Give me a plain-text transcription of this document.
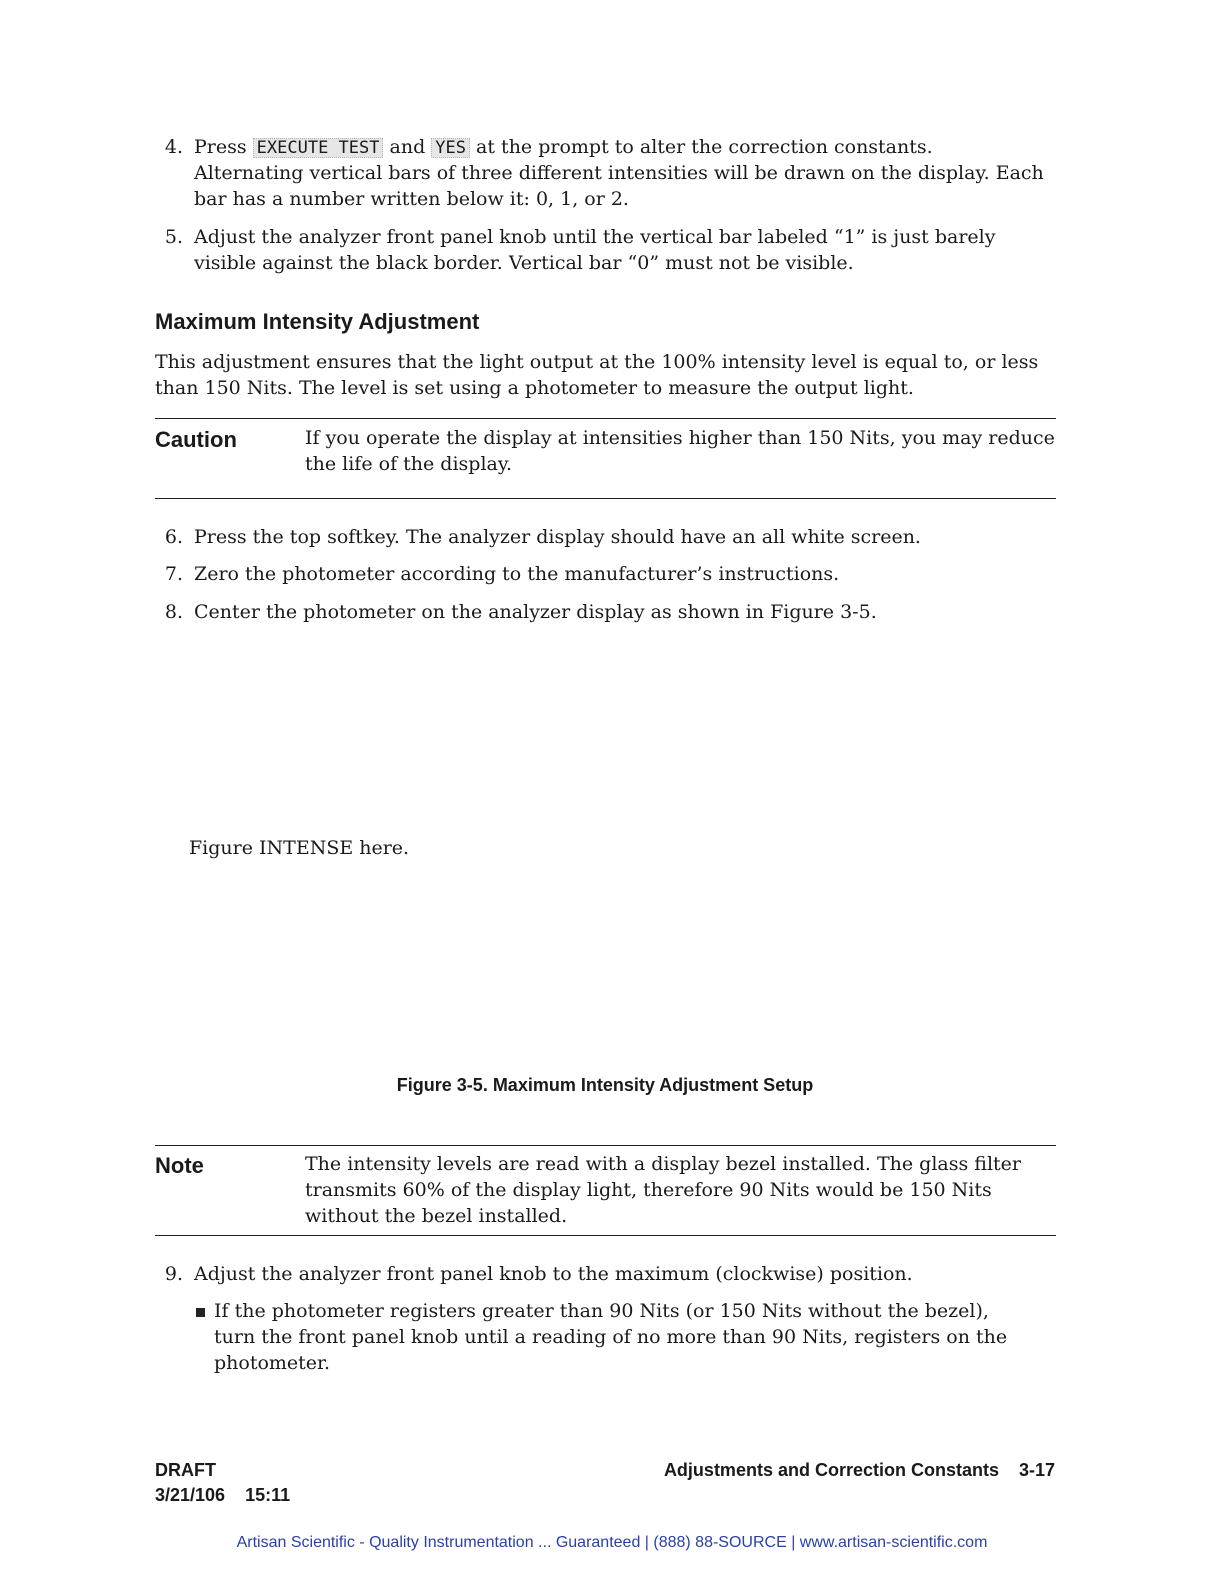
4. Press EXECUTE TEST and YES at the prompt to alter the correction constants.
Alternating vertical bars of three different intensities will be drawn on the display. Each
bar has a number written below it: 0, 1, or 2.
5. Adjust the analyzer front panel knob until the vertical bar labeled “1” is just barely
visible against the black border. Vertical bar “0” must not be visible.
Maximum Intensity Adjustment
This adjustment ensures that the light output at the 100% intensity level is equal to, or less
than 150 Nits. The level is set using a photometer to measure the output light.
Caution	If you operate the display at intensities higher than 150 Nits, you may reduce
the life of the display.
6. Press the top softkey. The analyzer display should have an all white screen.
7. Zero the photometer according to the manufacturer’s instructions.
8. Center the photometer on the analyzer display as shown in Figure 3-5.
Figure INTENSE here.
Figure 3-5. Maximum Intensity Adjustment Setup
Note	The intensity levels are read with a display bezel installed. The glass filter
transmits 60% of the display light, therefore 90 Nits would be 150 Nits
without the bezel installed.
9. Adjust the analyzer front panel knob to the maximum (clockwise) position.
If the photometer registers greater than 90 Nits (or 150 Nits without the bezel),
turn the front panel knob until a reading of no more than 90 Nits, registers on the
photometer.
DRAFT
3/21/106 15:11
Adjustments and Correction Constants 3-17
Artisan Scientific - Quality Instrumentation ... Guaranteed | (888) 88-SOURCE | www.artisan-scientific.com
